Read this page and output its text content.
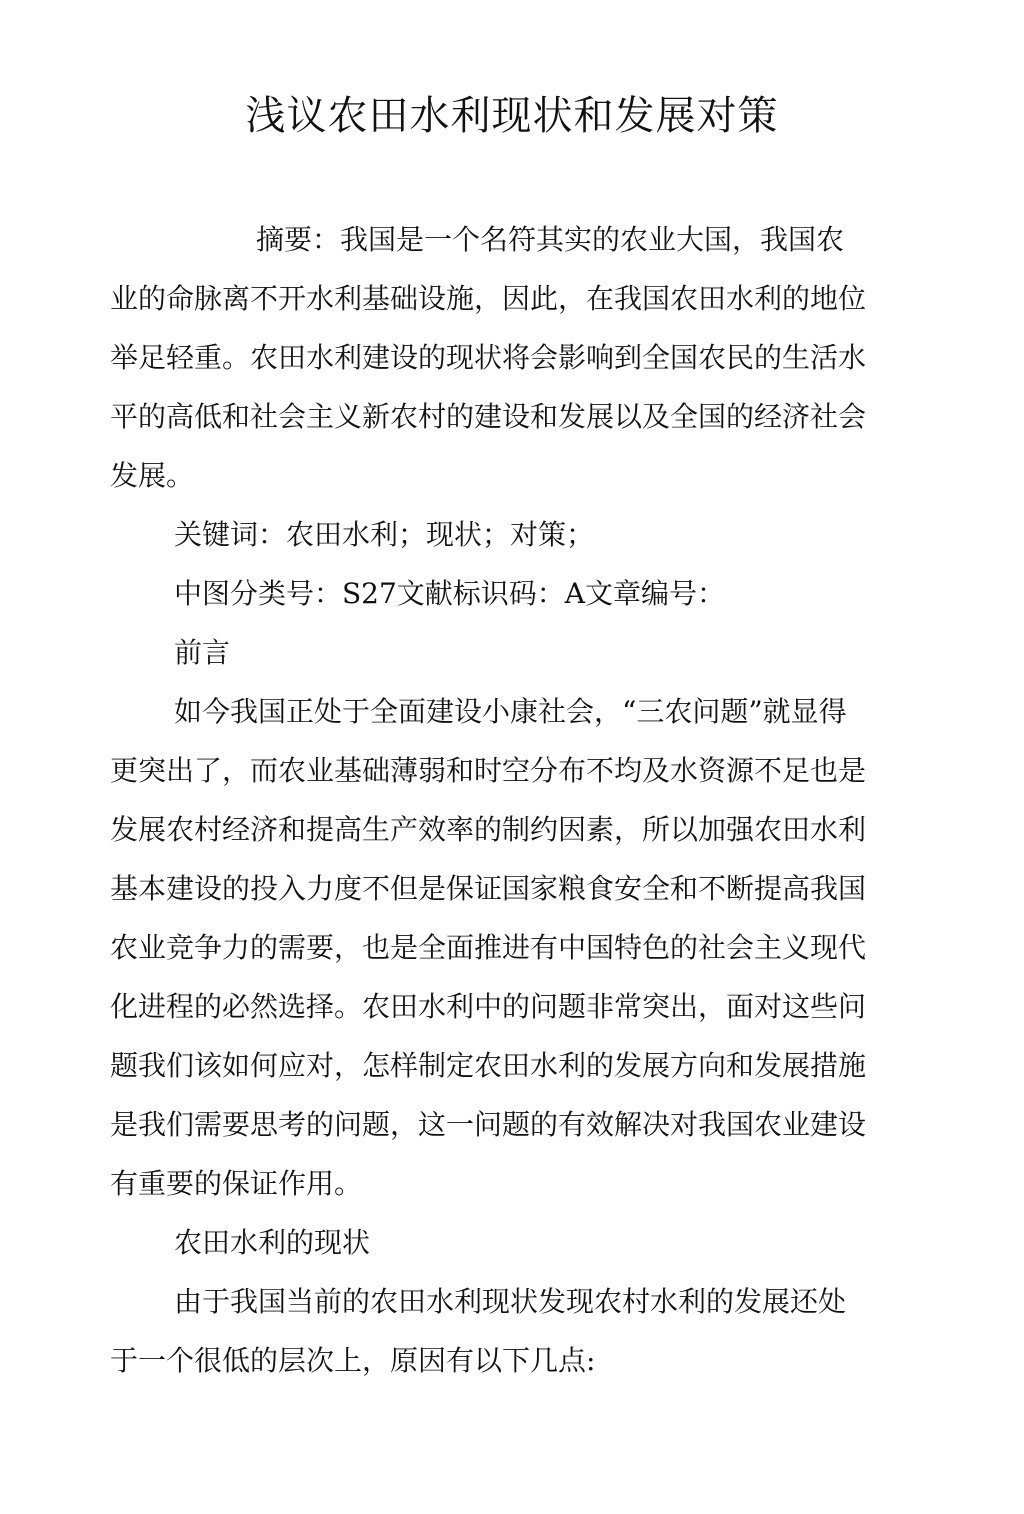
浅议农田水利现状和发展对策

摘要：我国是一个名符其实的农业大国，我国农业的命脉离不开水利基础设施，因此，在我国农田水利的地位举足轻重。农田水利建设的现状将会影响到全国农民的生活水平的高低和社会主义新农村的建设和发展以及全国的经济社会发展。

关键词：农田水利；现状；对策；

中图分类号：S27文献标识码：A文章编号：

前言

如今我国正处于全面建设小康社会，“三农问题”就显得更突出了，而农业基础薄弱和时空分布不均及水资源不足也是发展农村经济和提高生产效率的制约因素，所以加强农田水利基本建设的投入力度不但是保证国家粮食安全和不断提高我国农业竞争力的需要，也是全面推进有中国特色的社会主义现代化进程的必然选择。农田水利中的问题非常突出，面对这些问题我们该如何应对，怎样制定农田水利的发展方向和发展措施是我们需要思考的问题，这一问题的有效解决对我国农业建设有重要的保证作用。

农田水利的现状

由于我国当前的农田水利现状发现农村水利的发展还处于一个很低的层次上，原因有以下几点:
